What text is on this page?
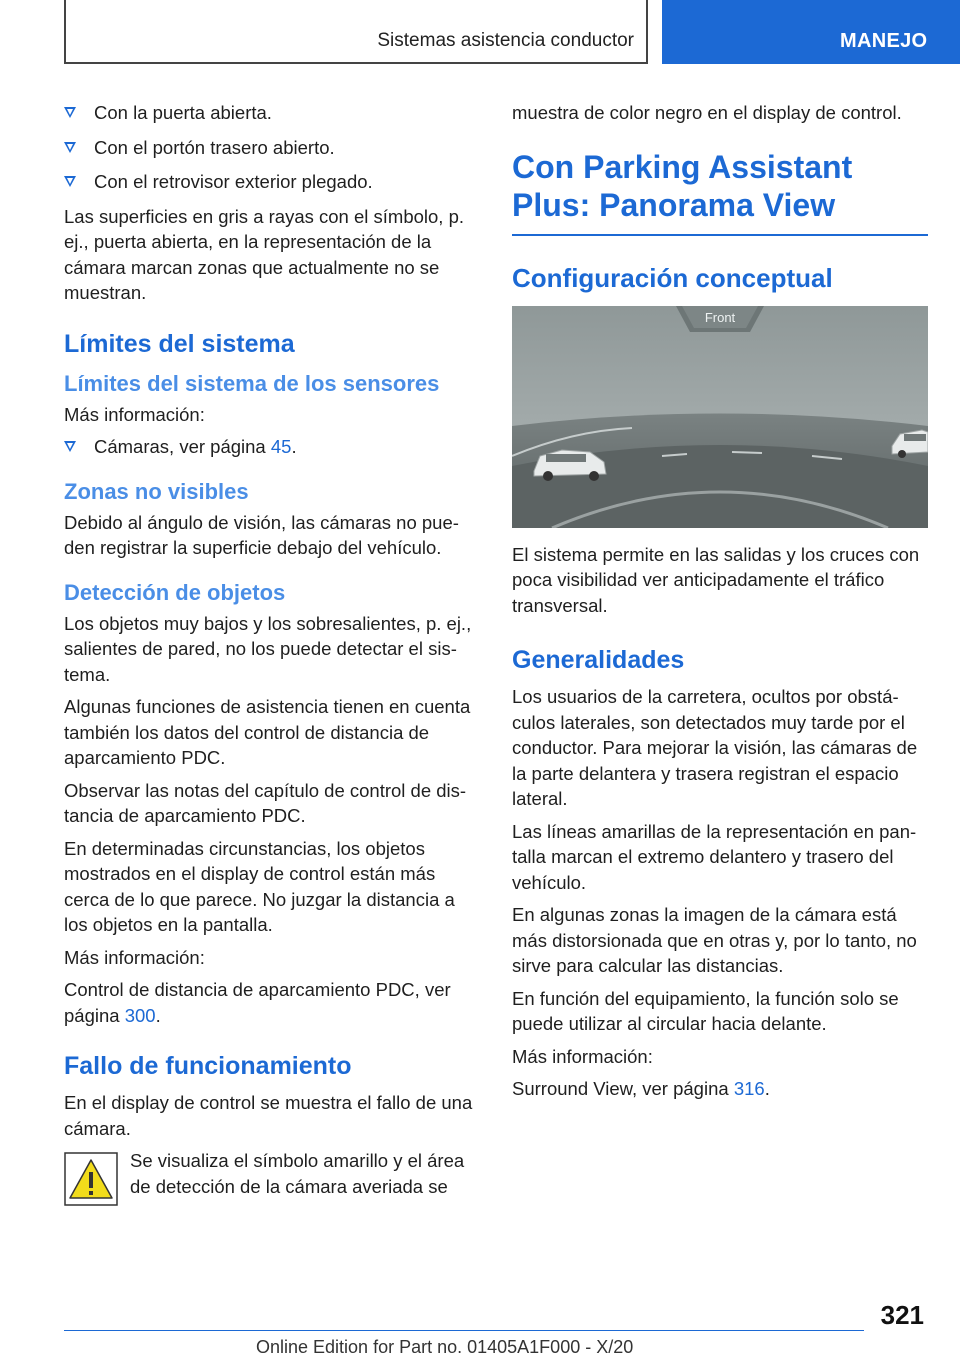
Sistemas asistencia conductor	MANEJO
Con la puerta abierta.
Con el portón trasero abierto.
Con el retrovisor exterior plegado.

Las superficies en gris a rayas con el símbolo, p. ej., puerta abierta, en la representación de la cámara marcan zonas que actualmente no se muestran.

Límites del sistema
Límites del sistema de los sensores

Más información:

Cámaras, ver página 45.
Zonas no visibles

Debido al ángulo de visión, las cámaras no pueden registrar la superficie debajo del vehículo.

Detección de objetos

Los objetos muy bajos y los sobresalientes, p. ej., salientes de pared, no los puede detectar el sistema.

Algunas funciones de asistencia tienen en cuenta también los datos del control de distancia de aparcamiento PDC.

Observar las notas del capítulo de control de distancia de aparcamiento PDC.

En determinadas circunstancias, los objetos mostrados en el display de control están más cerca de lo que parece. No juzgar la distancia a los objetos en la pantalla.

Más información:

Control de distancia de aparcamiento PDC, ver página 300.

Fallo de funcionamiento

En el display de control se muestra el fallo de una cámara.

Se visualiza el símbolo amarillo y el área de detección de la cámara averiada se

muestra de color negro en el display de control.

Con Parking Assistant Plus: Panorama View
Configuración conceptual
Front

El sistema permite en las salidas y los cruces con poca visibilidad ver anticipadamente el tráfico transversal.

Generalidades

Los usuarios de la carretera, ocultos por obstáculos laterales, son detectados muy tarde por el conductor. Para mejorar la visión, las cámaras de la parte delantera y trasera registran el espacio lateral.

Las líneas amarillas de la representación en pantalla marcan el extremo delantero y trasero del vehículo.

En algunas zonas la imagen de la cámara está más distorsionada que en otras y, por lo tanto, no sirve para calcular las distancias.

En función del equipamiento, la función solo se puede utilizar al circular hacia delante.

Más información:

Surround View, ver página 316.

321
Online Edition for Part no. 01405A1F000 - X/20
